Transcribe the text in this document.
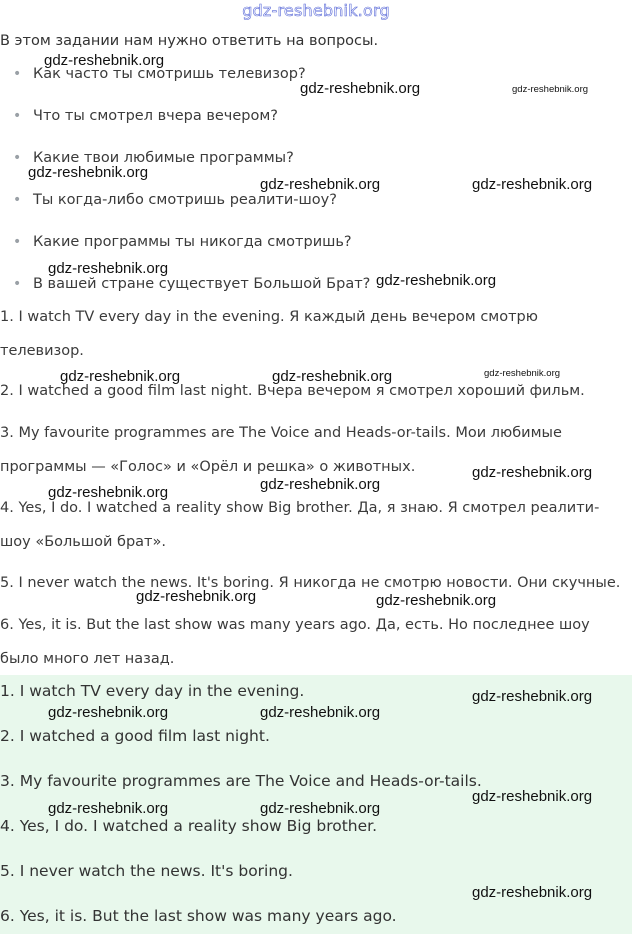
gdz-reshebnik.org
В этом задании нам нужно ответить на вопросы.
• Как часто ты смотришь телевизор?
• Что ты смотрел вчера вечером?
• Какие твои любимые программы?
• Ты когда-либо смотришь реалити-шоу?
• Какие программы ты никогда смотришь?
• В вашей стране существует Большой Брат?

1. I watch TV every day in the evening. Я каждый день вечером смотрю

телевизор.

2. I watched a good film last night. Вчера вечером я смотрел хороший фильм.

3. My favourite programmes are The Voice and Heads-or-tails. Мои любимые

программы — «Голос» и «Орёл и решка» о животных.

4. Yes, I do. I watched a reality show Big brother. Да, я знаю. Я смотрел реалити-

шоу «Большой брат».

5. I never watch the news. It's boring. Я никогда не смотрю новости. Они скучные.

6. Yes, it is. But the last show was many years ago. Да, есть. Но последнее шоу

было много лет назад.

1. I watch TV every day in the evening.
2. I watched a good film last night.
3. My favourite programmes are The Voice and Heads-or-tails.
4. Yes, I do. I watched a reality show Big brother.
5. I never watch the news. It's boring.
6. Yes, it is. But the last show was many years ago.
gdz-reshebnik.org
gdz-reshebnik.org	gdz-reshebnik.org
gdz-reshebnik.org
gdz-reshebnik.org	gdz-reshebnik.org
gdz-reshebnik.org
gdz-reshebnik.org
gdz-reshebnik.org	gdz-reshebnik.org	gdz-reshebnik.org
gdz-reshebnik.org
gdz-reshebnik.org
gdz-reshebnik.org
gdz-reshebnik.org	gdz-reshebnik.org
gdz-reshebnik.org
gdz-reshebnik.org	gdz-reshebnik.org
gdz-reshebnik.org
gdz-reshebnik.org	gdz-reshebnik.org
gdz-reshebnik.org
